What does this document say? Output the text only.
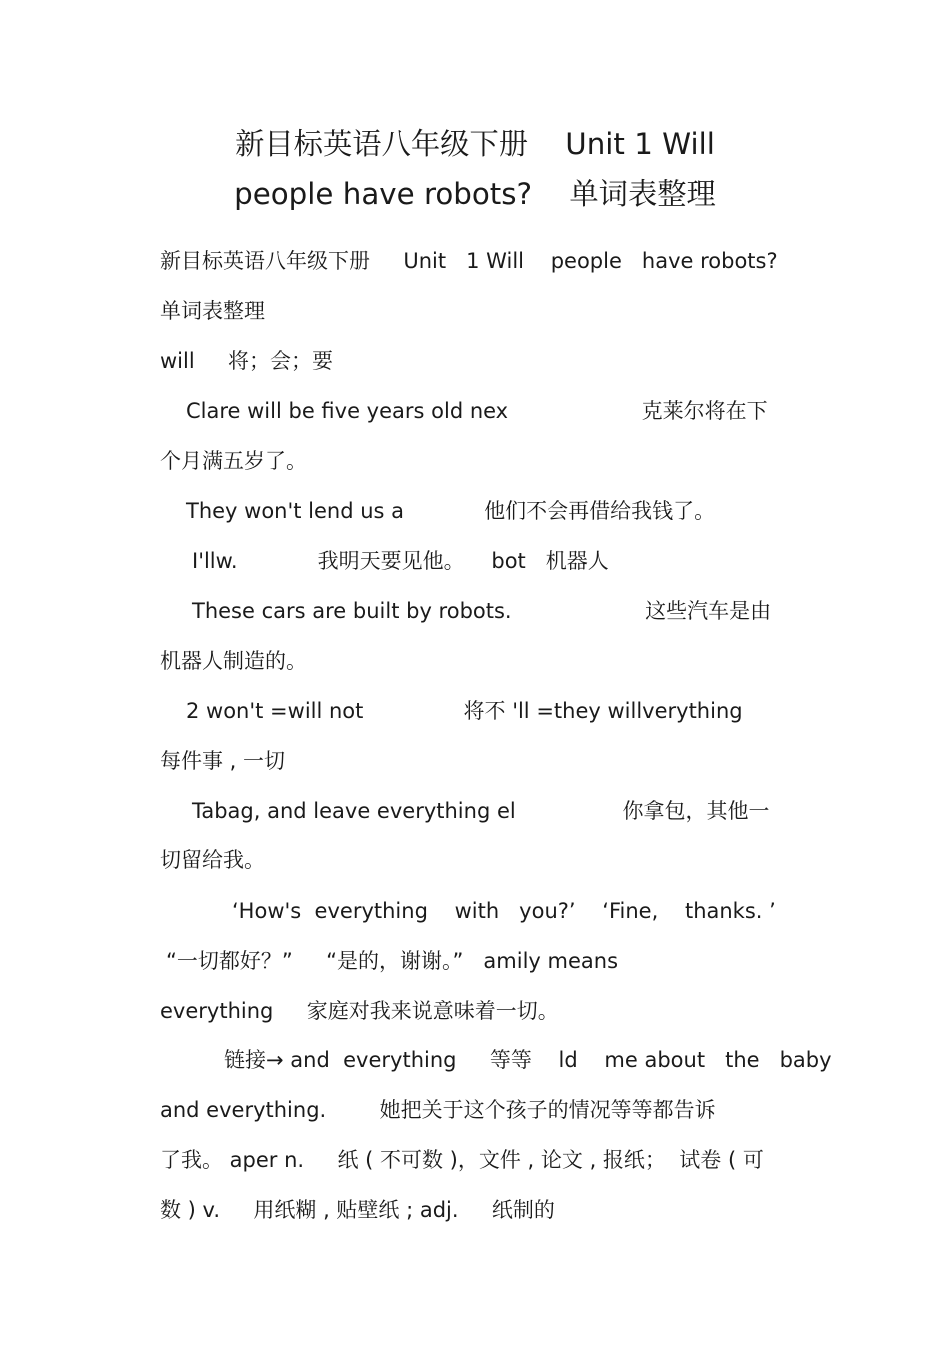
新目标英语八年级下册    Unit 1 Will
people have robots?    单词表整理
新目标英语八年级下册     Unit   1 Will    people   have robots?
单词表整理
will     将；会；要
Clare will be five years old nex                    克莱尔将在下
个月满五岁了。
They won't lend us a            他们不会再借给我钱了。
I'llw.            我明天要见他。    bot   机器人
These cars are built by robots.                    这些汽车是由
机器人制造的。
2 won't =will not               将不 'll =they willverything
每件事 , 一切
Tabag, and leave everything el                你拿包，其他一
切留给我。
‘How's  everything    with   you?’    ‘Fine,    thanks. ’
“一切都好？”     “是的，谢谢。”   amily means
everything     家庭对我来说意味着一切。
链接→ and  everything     等等    ld    me about   the   baby
and everything.        她把关于这个孩子的情况等等都告诉
了我。 aper n.     纸 ( 不可数 )，文件 , 论文 , 报纸；  试卷 ( 可
数 ) v.     用纸糊 , 贴壁纸 ; adj.     纸制的
